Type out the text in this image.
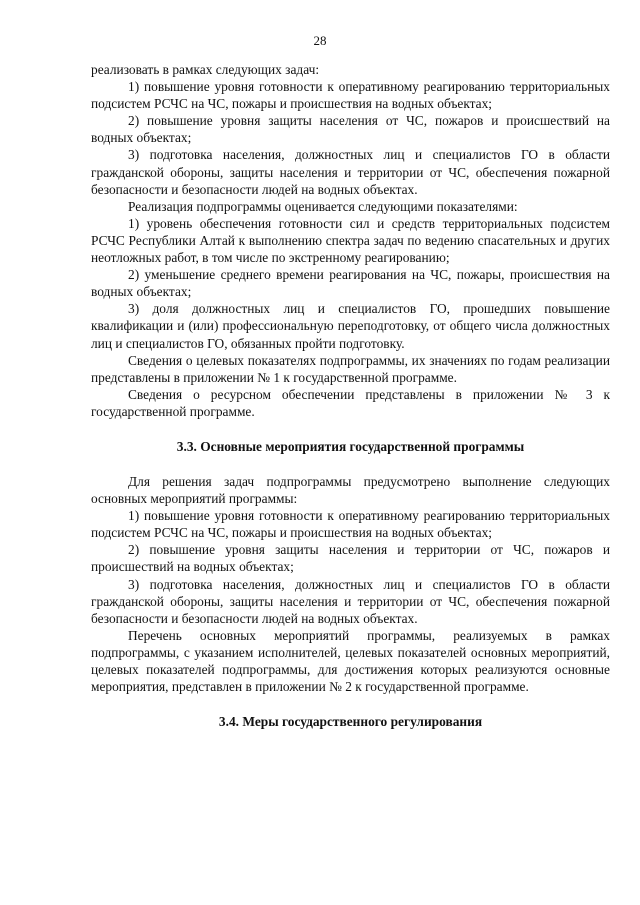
28

реализовать в рамках следующих задач:

1) повышение уровня готовности к оперативному реагированию территориальных подсистем РСЧС на ЧС, пожары и происшествия на водных объектах;

2) повышение уровня защиты населения от ЧС, пожаров и происшествий на водных объектах;

3) подготовка населения, должностных лиц и специалистов ГО в области гражданской обороны, защиты населения и территории от ЧС, обеспечения пожарной безопасности и безопасности людей на водных объектах.

Реализация подпрограммы оценивается следующими показателями:

1) уровень обеспечения готовности сил и средств территориальных подсистем РСЧС Республики Алтай к выполнению спектра задач по ведению спасательных и других неотложных работ, в том числе по экстренному реагированию;

2) уменьшение среднего времени реагирования на ЧС, пожары, происшествия на водных объектах;

3) доля должностных лиц и специалистов ГО, прошедших повышение квалификации и (или) профессиональную переподготовку, от общего числа должностных лиц и специалистов ГО, обязанных пройти подготовку.

Сведения о целевых показателях подпрограммы, их значениях по годам реализации представлены в приложении № 1 к государственной программе.

Сведения о ресурсном обеспечении представлены в приложении № 3 к государственной программе.

3.3. Основные мероприятия государственной программы

Для решения задач подпрограммы предусмотрено выполнение следующих основных мероприятий программы:

1) повышение уровня готовности к оперативному реагированию территориальных подсистем РСЧС на ЧС, пожары и происшествия на водных объектах;

2) повышение уровня защиты населения и территории от ЧС, пожаров и происшествий на водных объектах;

3) подготовка населения, должностных лиц и специалистов ГО в области гражданской обороны, защиты населения и территории от ЧС, обеспечения пожарной безопасности и безопасности людей на водных объектах.

Перечень основных мероприятий программы, реализуемых в рамках подпрограммы, с указанием исполнителей, целевых показателей основных мероприятий, целевых показателей подпрограммы, для достижения которых реализуются основные мероприятия, представлен в приложении № 2 к государственной программе.

3.4. Меры государственного регулирования
